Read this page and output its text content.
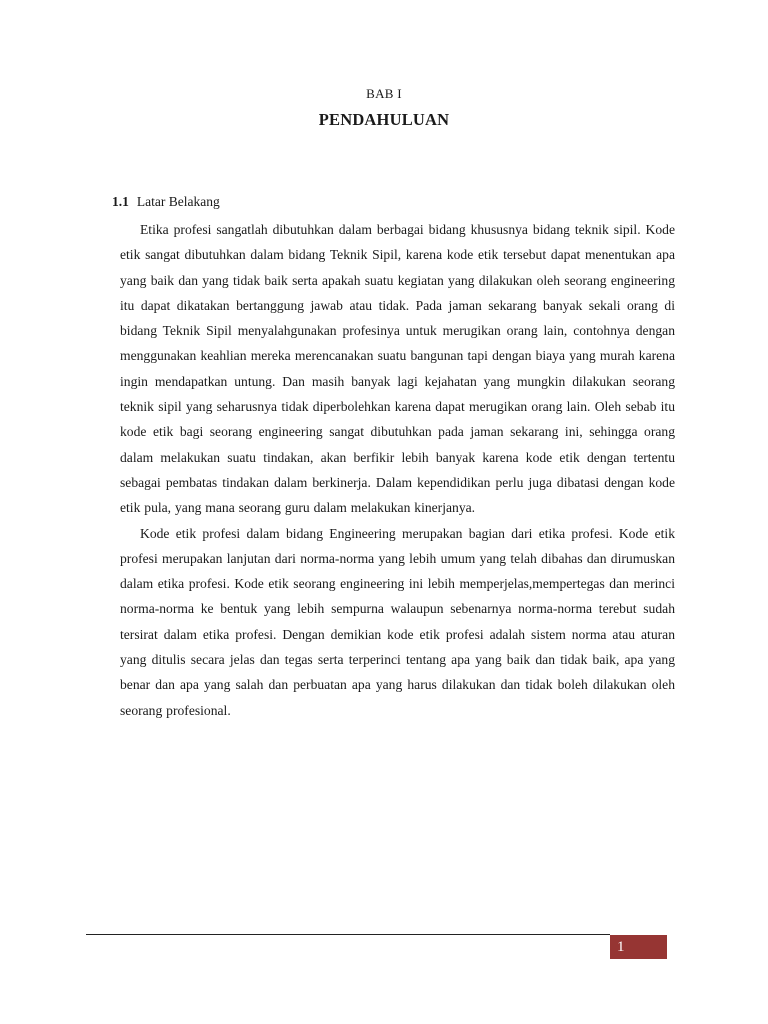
BAB I
PENDAHULUAN
1.1 Latar Belakang

Etika profesi sangatlah dibutuhkan dalam berbagai bidang khususnya bidang teknik sipil. Kode etik sangat dibutuhkan dalam bidang Teknik Sipil, karena kode etik tersebut dapat menentukan apa yang baik dan yang tidak baik serta apakah suatu kegiatan yang dilakukan oleh seorang engineering itu dapat dikatakan bertanggung jawab atau tidak. Pada jaman sekarang banyak sekali orang di bidang Teknik Sipil menyalahgunakan profesinya untuk merugikan orang lain, contohnya dengan menggunakan keahlian mereka merencanakan suatu bangunan tapi dengan biaya yang murah karena ingin mendapatkan untung. Dan masih banyak lagi kejahatan yang mungkin dilakukan seorang teknik sipil yang seharusnya tidak diperbolehkan karena dapat merugikan orang lain. Oleh sebab itu kode etik bagi seorang engineering sangat dibutuhkan pada jaman sekarang ini, sehingga orang dalam melakukan suatu tindakan, akan berfikir lebih banyak karena kode etik dengan tertentu sebagai pembatas tindakan dalam berkinerja. Dalam kependidikan perlu juga dibatasi dengan kode etik pula, yang mana seorang guru dalam melakukan kinerjanya.

Kode etik profesi dalam bidang Engineering merupakan bagian dari etika profesi. Kode etik profesi merupakan lanjutan dari norma-norma yang lebih umum yang telah dibahas dan dirumuskan dalam etika profesi. Kode etik seorang engineering ini lebih memperjelas,mempertegas dan merinci norma-norma ke bentuk yang lebih sempurna walaupun sebenarnya norma-norma terebut sudah tersirat dalam etika profesi. Dengan demikian kode etik profesi adalah sistem norma atau aturan yang ditulis secara jelas dan tegas serta terperinci tentang apa yang baik dan tidak baik, apa yang benar dan apa yang salah dan perbuatan apa yang harus dilakukan dan tidak boleh dilakukan oleh seorang profesional.

1
